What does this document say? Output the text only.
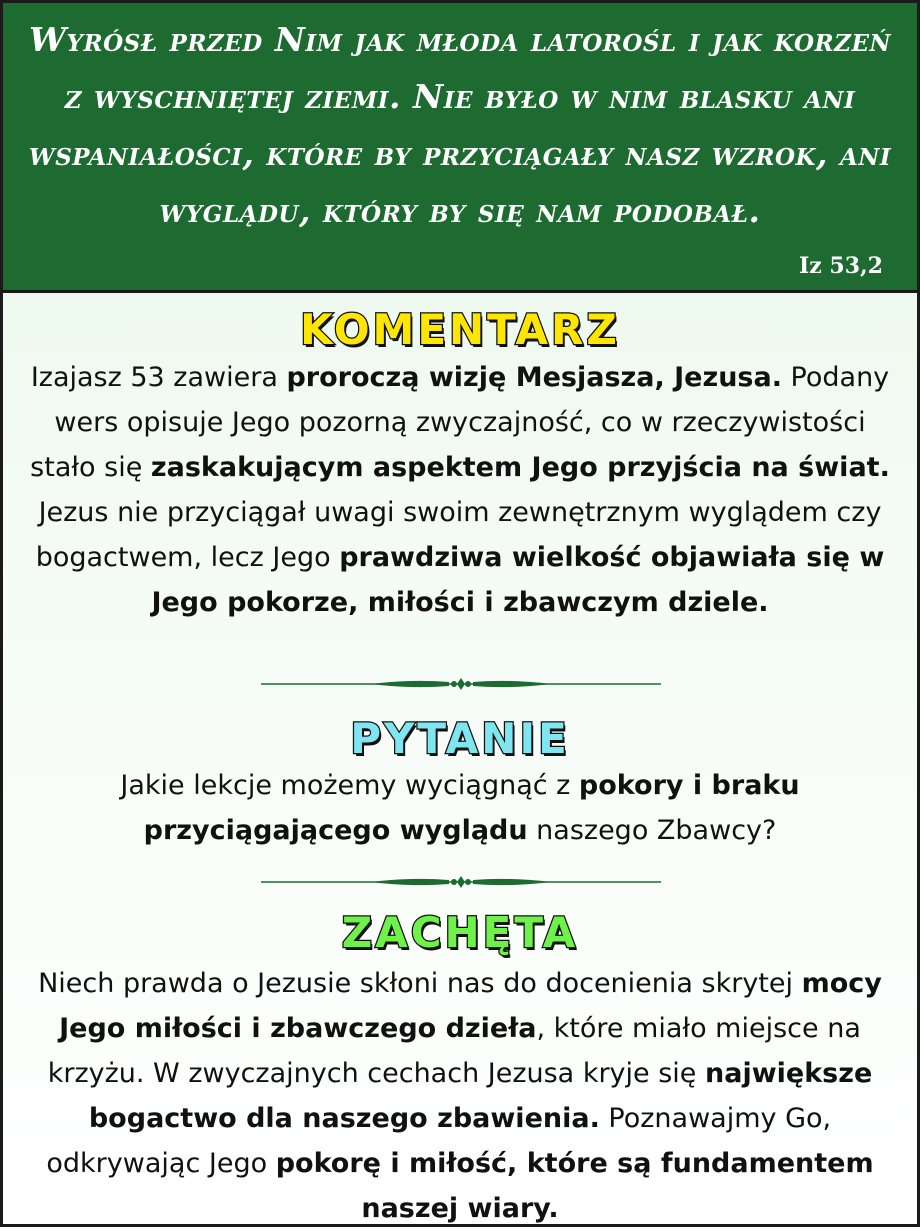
Wyrósł przed Nim jak młoda latorośl i jak korzeń z wyschniętej ziemi. Nie było w nim blasku ani wspaniałości, które by przyciągały nasz wzrok, ani wyglądu, który by się nam podobał.

Iz 53,2
KOMENTARZ

Izajasz 53 zawiera proroczą wizję Mesjasza, Jezusa. Podany wers opisuje Jego pozorną zwyczajność, co w rzeczywistości stało się zaskakującym aspektem Jego przyjścia na świat. Jezus nie przyciągał uwagi swoim zewnętrznym wyglądem czy bogactwem, lecz Jego prawdziwa wielkość objawiała się w Jego pokorze, miłości i zbawczym dziele.

PYTANIE

Jakie lekcje możemy wyciągnąć z pokory i braku przyciągającego wyglądu naszego Zbawcy?

ZACHĘTA

Niech prawda o Jezusie skłoni nas do docenienia skrytej mocy Jego miłości i zbawczego dzieła, które miało miejsce na krzyżu. W zwyczajnych cechach Jezusa kryje się największe bogactwo dla naszego zbawienia. Poznawajmy Go, odkrywając Jego pokorę i miłość, które są fundamentem naszej wiary.
